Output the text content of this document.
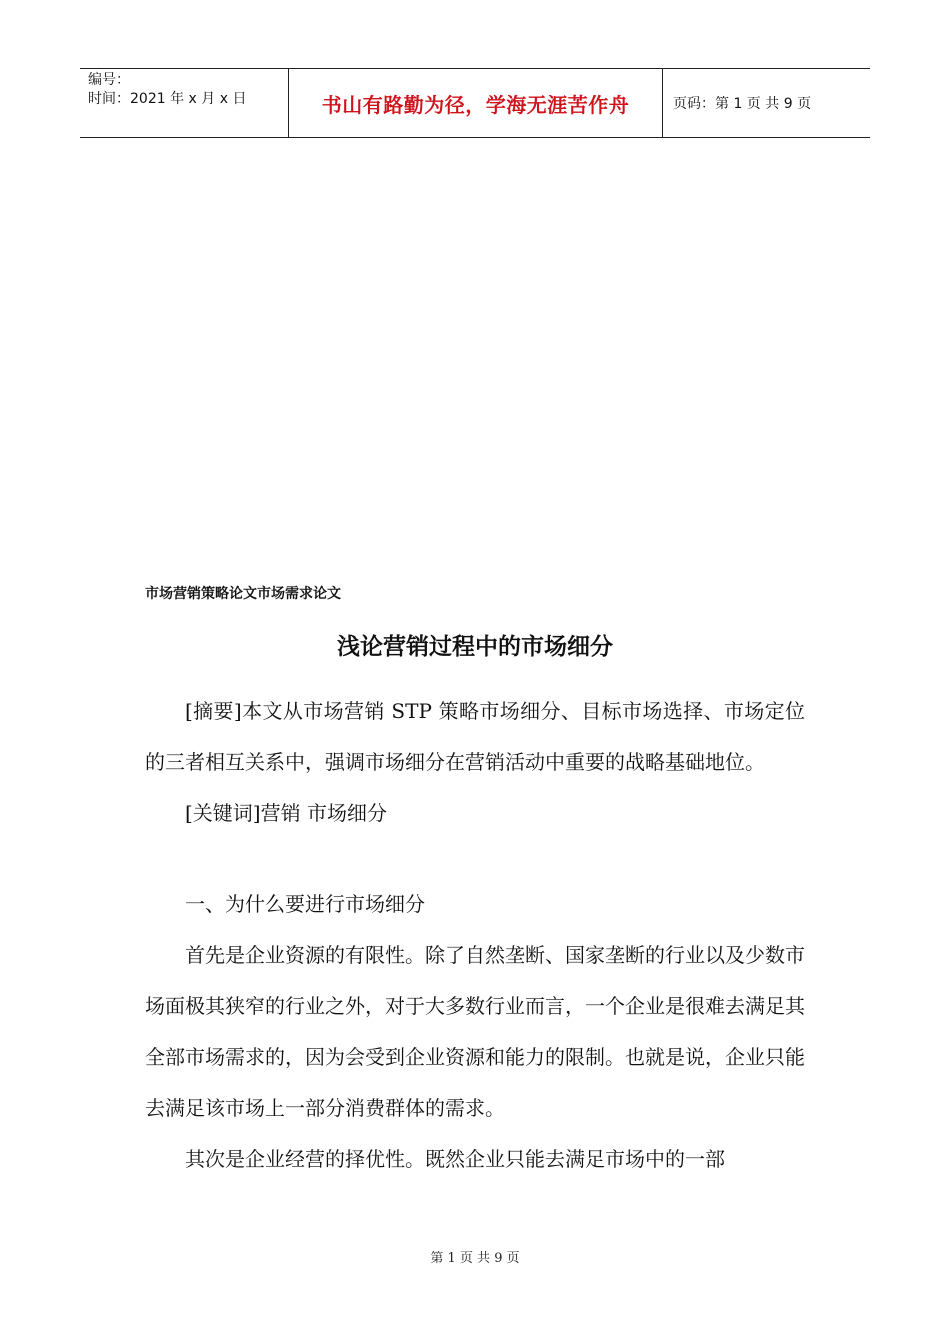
编号：
时间：2021 年 x 月 x 日	书山有路勤为径，学海无涯苦作舟	页码：第 1 页 共 9 页
市场营销策略论文市场需求论文
浅论营销过程中的市场细分

[摘要]本文从市场营销 STP 策略市场细分、目标市场选择、市场定位的三者相互关系中，强调市场细分在营销活动中重要的战略基础地位。

[关键词]营销 市场细分

一、为什么要进行市场细分

首先是企业资源的有限性。除了自然垄断、国家垄断的行业以及少数市场面极其狭窄的行业之外，对于大多数行业而言，一个企业是很难去满足其全部市场需求的，因为会受到企业资源和能力的限制。也就是说，企业只能去满足该市场上一部分消费群体的需求。

其次是企业经营的择优性。既然企业只能去满足市场中的一部

第 1 页 共 9 页
